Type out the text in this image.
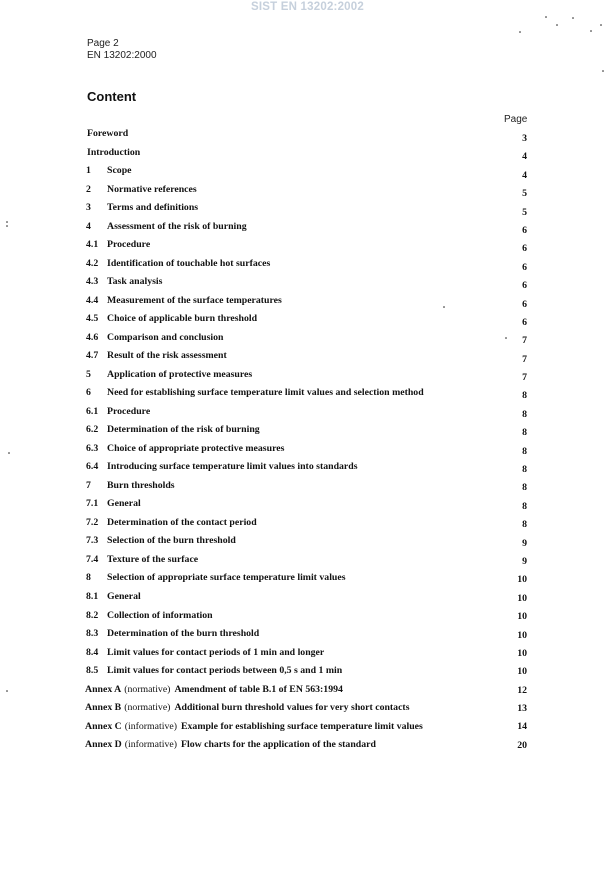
SIST EN 13202:2002
Page 2
EN 13202:2000
Content
Page
Foreword	3
Introduction	4
1 Scope	4
2 Normative references	5
3 Terms and definitions	5
4 Assessment of the risk of burning	6
4.1 Procedure	6
4.2 Identification of touchable hot surfaces	6
4.3 Task analysis	6
4.4 Measurement of the surface temperatures	6
4.5 Choice of applicable burn threshold	6
4.6 Comparison and conclusion	7
4.7 Result of the risk assessment	7
5 Application of protective measures	7
6 Need for establishing surface temperature limit values and selection method	8
6.1 Procedure	8
6.2 Determination of the risk of burning	8
6.3 Choice of appropriate protective measures	8
6.4 Introducing surface temperature limit values into standards	8
7 Burn thresholds	8
7.1 General	8
7.2 Determination of the contact period	8
7.3 Selection of the burn threshold	9
7.4 Texture of the surface	9
8 Selection of appropriate surface temperature limit values	10
8.1 General	10
8.2 Collection of information	10
8.3 Determination of the burn threshold	10
8.4 Limit values for contact periods of 1 min and longer	10
8.5 Limit values for contact periods between 0,5 s and 1 min	10
Annex A (normative) Amendment of table B.1 of EN 563:1994	12
Annex B (normative) Additional burn threshold values for very short contacts	13
Annex C (informative) Example for establishing surface temperature limit values	14
Annex D (informative) Flow charts for the application of the standard	20
